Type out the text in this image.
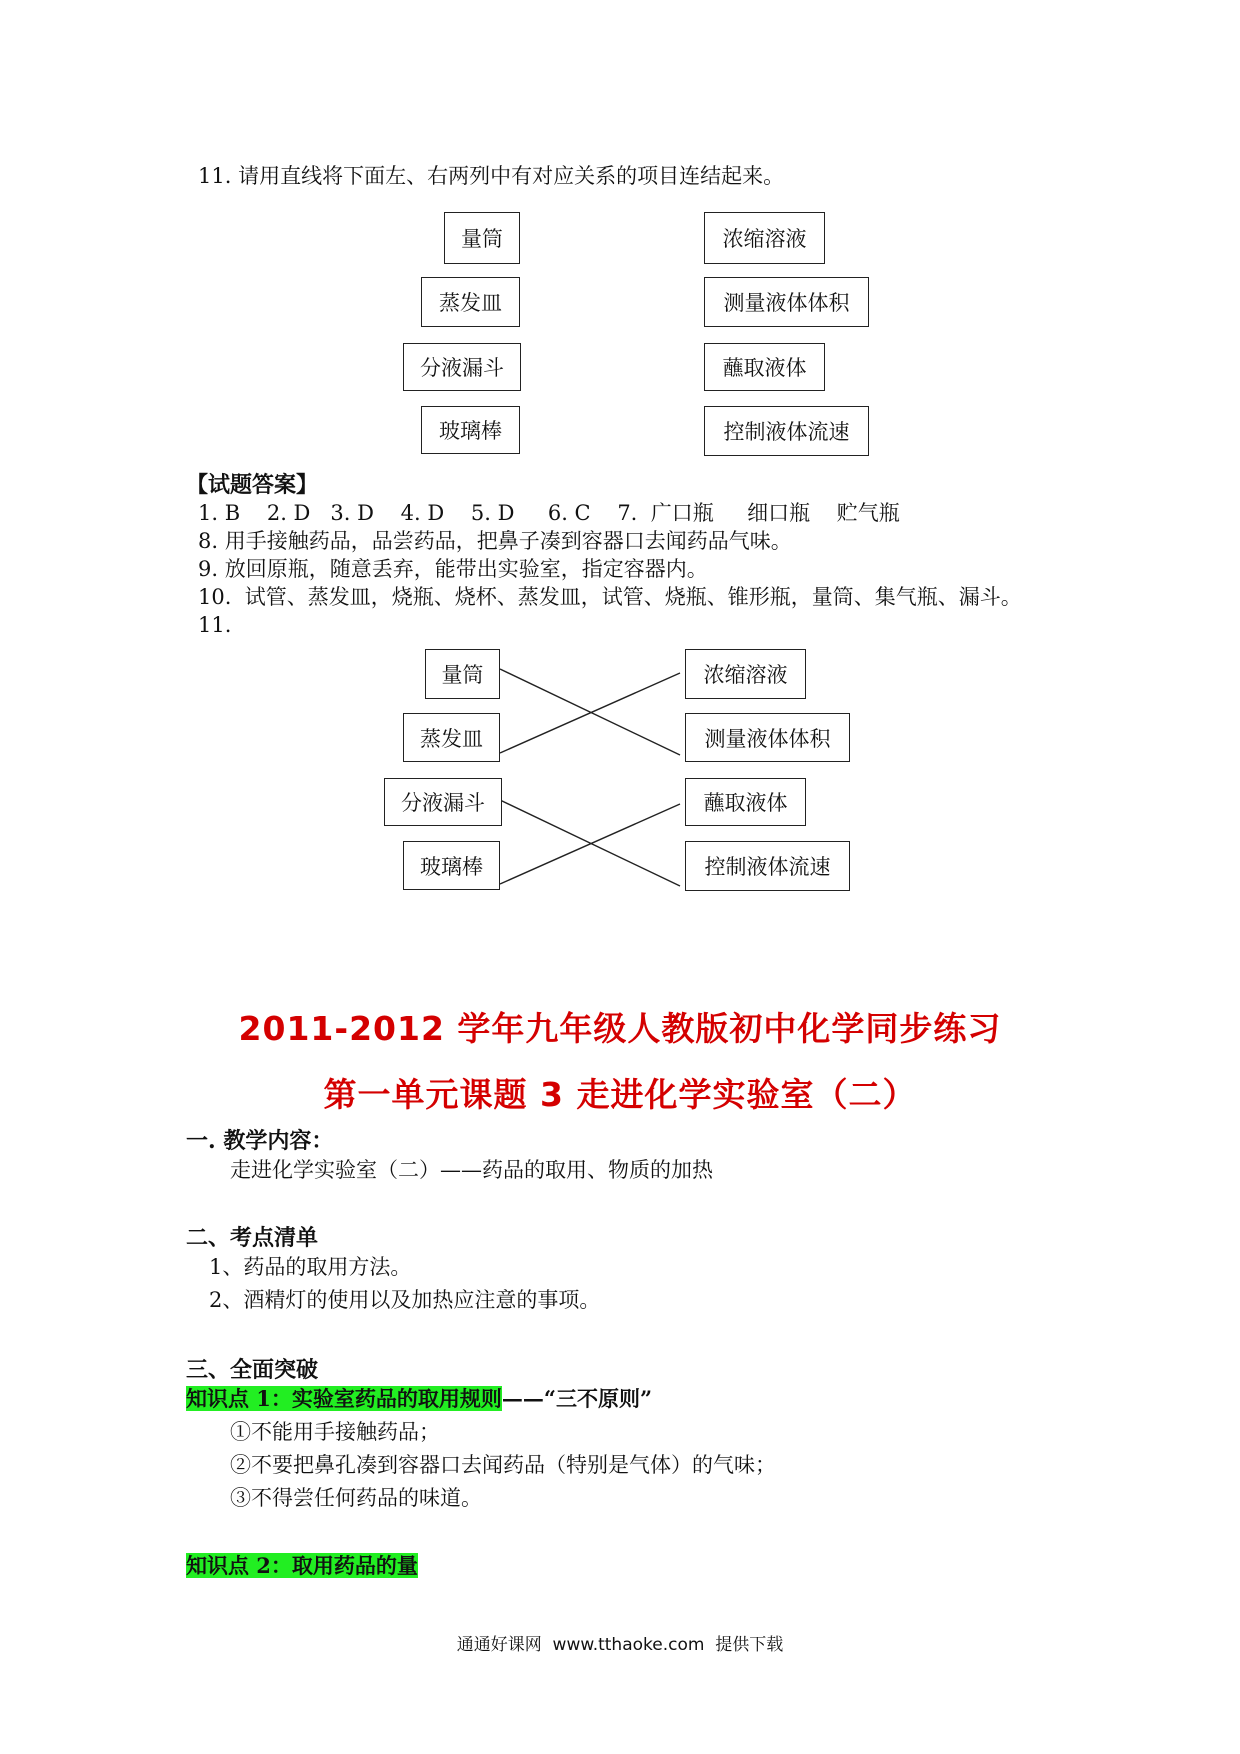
11. 请用直线将下面左、右两列中有对应关系的项目连结起来。
量筒
蒸发皿
分液漏斗
玻璃棒
浓缩溶液
测量液体体积
蘸取液体
控制液体流速
【试题答案】
1. B    2. D   3. D    4. D    5. D     6. C    7.  广口瓶     细口瓶    贮气瓶
8. 用手接触药品，品尝药品，把鼻子凑到容器口去闻药品气味。
9. 放回原瓶，随意丢弃，能带出实验室，指定容器内。
10.  试管、蒸发皿，烧瓶、烧杯、蒸发皿，试管、烧瓶、锥形瓶，量筒、集气瓶、漏斗。
11.
量筒
蒸发皿
分液漏斗
玻璃棒
浓缩溶液
测量液体体积
蘸取液体
控制液体流速
2011-2012 学年九年级人教版初中化学同步练习
第一单元课题 3 走进化学实验室（二）
一. 教学内容：
走进化学实验室（二）——药品的取用、物质的加热
二、考点清单
1、药品的取用方法。
2、酒精灯的使用以及加热应注意的事项。
三、全面突破
知识点 1：实验室药品的取用规则——“三不原则”
①不能用手接触药品；
②不要把鼻孔凑到容器口去闻药品（特别是气体）的气味；
③不得尝任何药品的味道。
知识点 2：取用药品的量
通通好课网  www.tthaoke.com  提供下载
